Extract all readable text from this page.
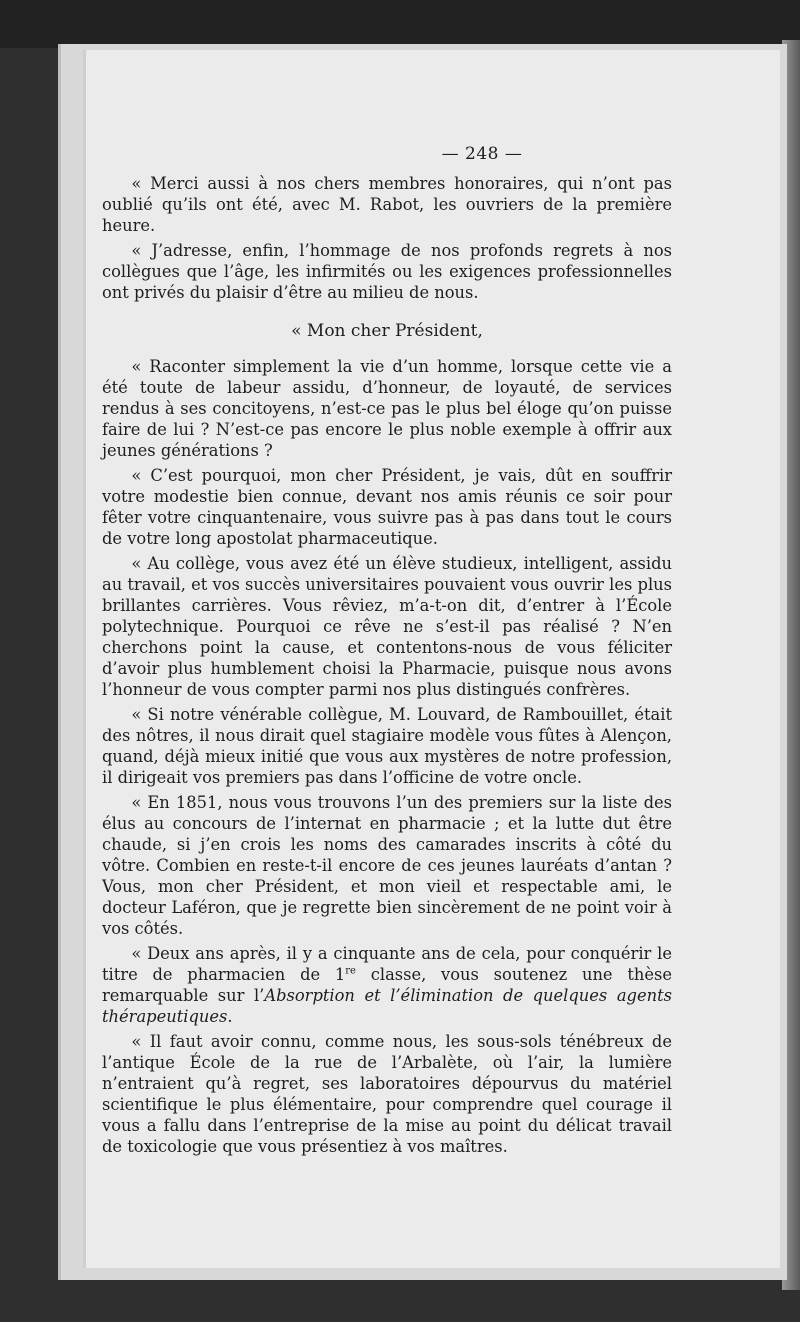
— 248 —

« Merci aussi à nos chers membres honoraires, qui n’ont pas oublié qu’ils ont été, avec M. Rabot, les ouvriers de la première heure.

« J’adresse, enfin, l’hommage de nos profonds regrets à nos collègues que l’âge, les infirmités ou les exigences professionnelles ont privés du plaisir d’être au milieu de nous.

« Mon cher Président,

« Raconter simplement la vie d’un homme, lorsque cette vie a été toute de labeur assidu, d’honneur, de loyauté, de services rendus à ses concitoyens, n’est-ce pas le plus bel éloge qu’on puisse faire de lui ? N’est-ce pas encore le plus noble exemple à offrir aux jeunes générations ?

« C’est pourquoi, mon cher Président, je vais, dût en souffrir votre modestie bien connue, devant nos amis réunis ce soir pour fêter votre cinquantenaire, vous suivre pas à pas dans tout le cours de votre long apostolat pharmaceutique.

« Au collège, vous avez été un élève studieux, intelligent, assidu au travail, et vos succès universitaires pouvaient vous ouvrir les plus brillantes carrières. Vous rêviez, m’a-t-on dit, d’entrer à l’École polytechnique. Pourquoi ce rêve ne s’est-il pas réalisé ? N’en cherchons point la cause, et contentons-nous de vous féliciter d’avoir plus humblement choisi la Pharmacie, puisque nous avons l’honneur de vous compter parmi nos plus distingués confrères.

« Si notre vénérable collègue, M. Louvard, de Rambouillet, était des nôtres, il nous dirait quel stagiaire modèle vous fûtes à Alençon, quand, déjà mieux initié que vous aux mystères de notre profession, il dirigeait vos premiers pas dans l’officine de votre oncle.

« En 1851, nous vous trouvons l’un des premiers sur la liste des élus au concours de l’internat en pharmacie ; et la lutte dut être chaude, si j’en crois les noms des camarades inscrits à côté du vôtre. Combien en reste-t-il encore de ces jeunes lauréats d’antan ? Vous, mon cher Président, et mon vieil et respectable ami, le docteur Laféron, que je regrette bien sincèrement de ne point voir à vos côtés.

« Deux ans après, il y a cinquante ans de cela, pour conquérir le titre de pharmacien de 1re classe, vous soutenez une thèse remarquable sur l’Absorption et l’élimination de quelques agents thérapeutiques.

« Il faut avoir connu, comme nous, les sous-sols ténébreux de l’antique École de la rue de l’Arbalète, où l’air, la lumière n’entraient qu’à regret, ses laboratoires dépourvus du matériel scientifique le plus élémentaire, pour comprendre quel courage il vous a fallu dans l’entreprise de la mise au point du délicat travail de toxicologie que vous présentiez à vos maîtres.
